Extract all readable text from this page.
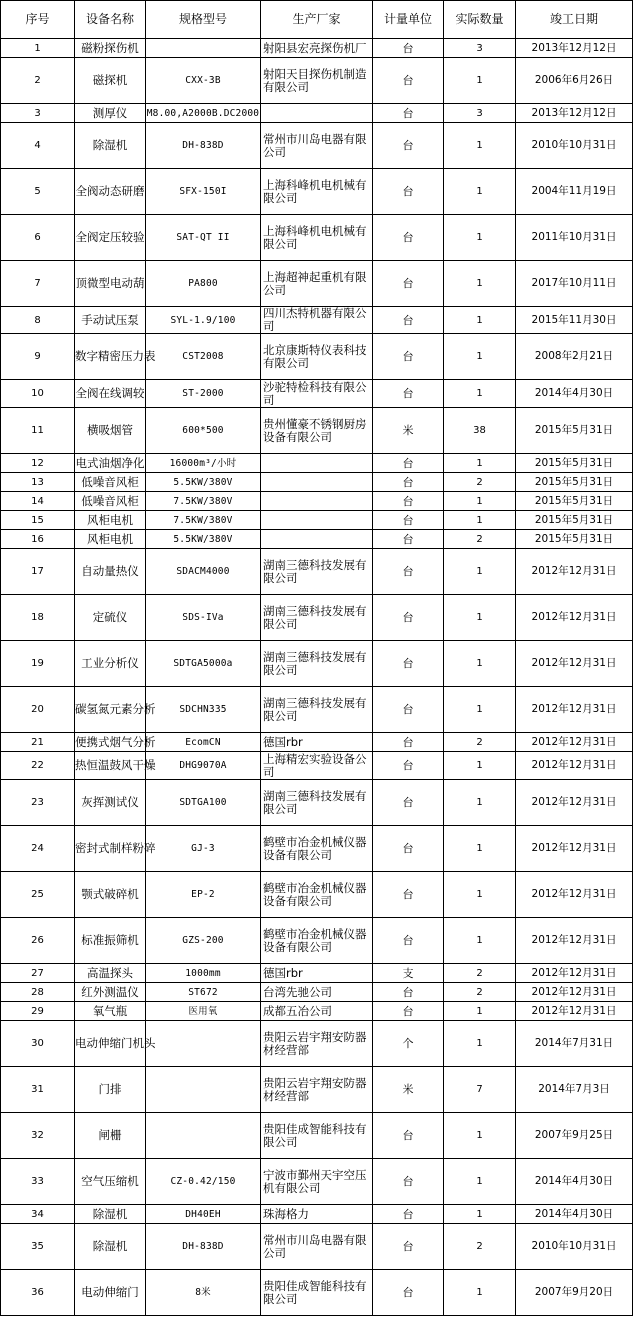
序号	设备名称	规格型号	生产厂家	计量单位	实际数量	竣工日期
1	磁粉探伤机		射阳县宏亮探伤机厂	台	3	2013年12月12日
2	磁探机	CXX-3B	射阳天目探伤机制造有限公司	台	1	2006年6月26日
3	测厚仪	M8.00,A2000B.DC2000		台	3	2013年12月12日
4	除湿机	DH-838D	常州市川岛电器有限公司	台	1	2010年10月31日
5	全阀动态研磨	SFX-150I	上海科峰机电机械有限公司	台	1	2004年11月19日
6	全阀定压较验	SAT-QT II	上海科峰机电机械有限公司	台	1	2011年10月31日
7	顶微型电动葫	PA800	上海超神起重机有限公司	台	1	2017年10月11日
8	手动试压泵	SYL-1.9/100	四川杰特机器有限公司	台	1	2015年11月30日
9	数字精密压力表	CST2008	北京康斯特仪表科技有限公司	台	1	2008年2月21日
10	全阀在线调较	ST-2000	沙驼特检科技有限公司	台	1	2014年4月30日
11	横吸烟管	600*500	贵州懂豪不锈钢厨房设备有限公司	米	38	2015年5月31日
12	电式油烟净化	16000m³/小时		台	1	2015年5月31日
13	低噪音风柜	5.5KW/380V		台	2	2015年5月31日
14	低噪音风柜	7.5KW/380V		台	1	2015年5月31日
15	风柜电机	7.5KW/380V		台	1	2015年5月31日
16	风柜电机	5.5KW/380V		台	2	2015年5月31日
17	自动量热仪	SDACM4000	湖南三德科技发展有限公司	台	1	2012年12月31日
18	定硫仪	SDS-IVa	湖南三德科技发展有限公司	台	1	2012年12月31日
19	工业分析仪	SDTGA5000a	湖南三德科技发展有限公司	台	1	2012年12月31日
20	碳氢氮元素分析	SDCHN335	湖南三德科技发展有限公司	台	1	2012年12月31日
21	便携式烟气分析	EcomCN	德国rbr	台	2	2012年12月31日
22	热恒温鼓风干燥	DHG9070A	上海精宏实验设备公司	台	1	2012年12月31日
23	灰挥测试仪	SDTGA100	湖南三德科技发展有限公司	台	1	2012年12月31日
24	密封式制样粉碎	GJ-3	鹤壁市冶金机械仪器设备有限公司	台	1	2012年12月31日
25	颚式破碎机	EP-2	鹤壁市冶金机械仪器设备有限公司	台	1	2012年12月31日
26	标准振筛机	GZS-200	鹤壁市冶金机械仪器设备有限公司	台	1	2012年12月31日
27	高温探头	1000mm	德国rbr	支	2	2012年12月31日
28	红外测温仪	ST672	台湾先驰公司	台	2	2012年12月31日
29	氧气瓶	医用氧	成都五冶公司	台	1	2012年12月31日
30	电动伸缩门机头		贵阳云岩宇翔安防器材经营部	个	1	2014年7月31日
31	门排		贵阳云岩宇翔安防器材经营部	米	7	2014年7月3日
32	闸栅		贵阳佳成智能科技有限公司	台	1	2007年9月25日
33	空气压缩机	CZ-0.42/150	宁波市鄞州天宇空压机有限公司	台	1	2014年4月30日
34	除湿机	DH40EH	珠海格力	台	1	2014年4月30日
35	除湿机	DH-838D	常州市川岛电器有限公司	台	2	2010年10月31日
36	电动伸缩门	8米	贵阳佳成智能科技有限公司	台	1	2007年9月20日
